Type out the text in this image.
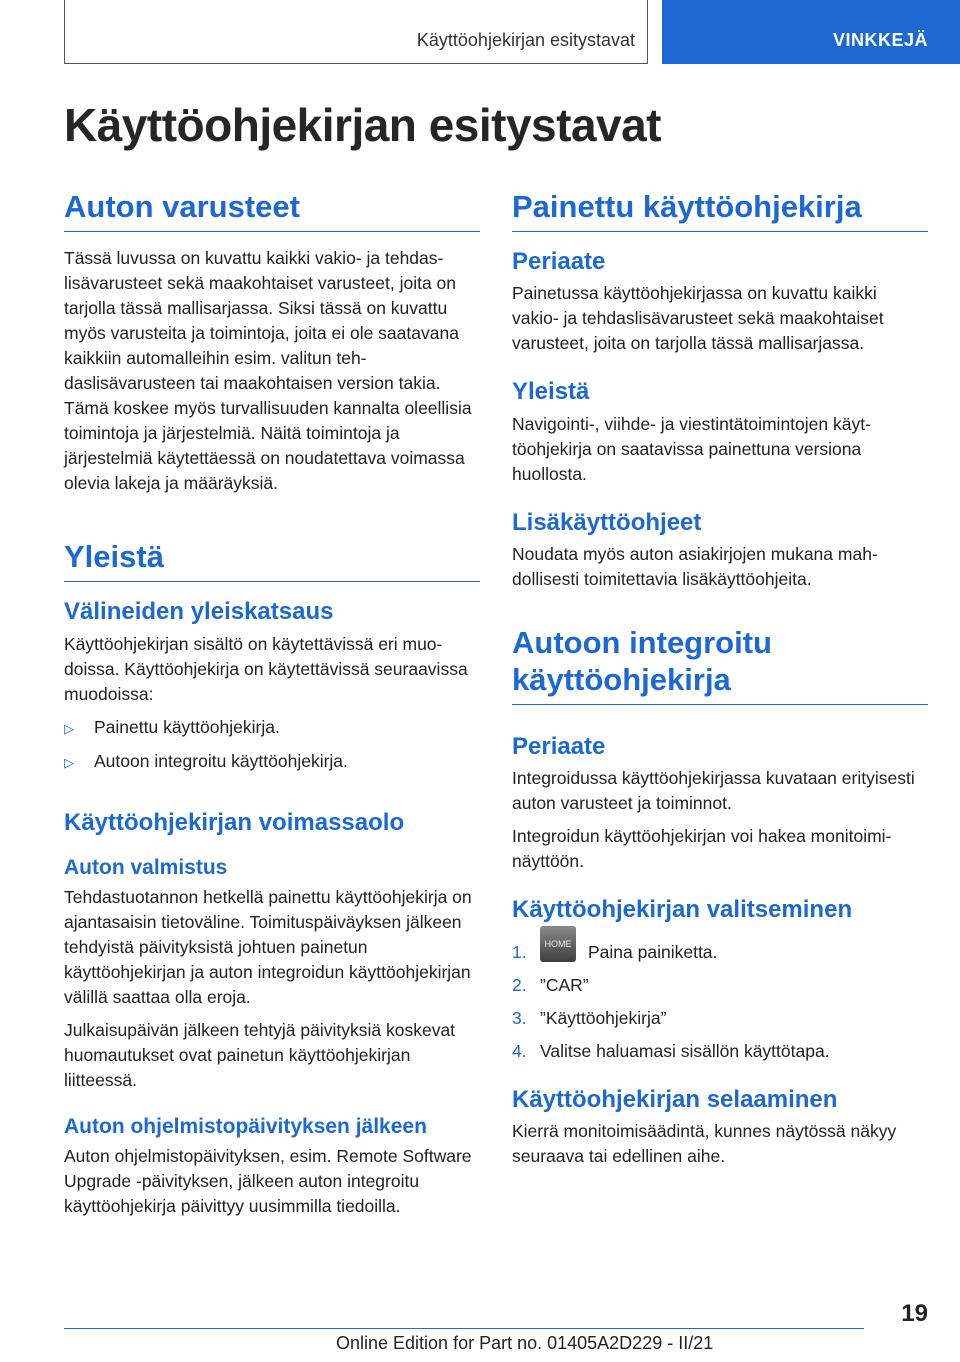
Käyttöohjekirjan esitystavat	VINKKEJÄ
Käyttöohjekirjan esitystavat
Auton varusteet

Tässä luvussa on kuvattu kaikki vakio- ja tehdaslisävarusteet sekä maakohtaiset varusteet, joita on tarjolla tässä mallisarjassa. Siksi tässä on kuvattu myös varusteita ja toimintoja, joita ei ole saatavana kaikkiin automalleihin esim. valitun tehdaslisävarusteen tai maakohtaisen version takia. Tämä koskee myös turvallisuuden kannalta oleellisia toimintoja ja järjestelmiä. Näitä toimintoja ja järjestelmiä käytettäessä on noudatettava voimassa olevia lakeja ja määräyksiä.

Yleistä
Välineiden yleiskatsaus

Käyttöohjekirjan sisältö on käytettävissä eri muodoissa. Käyttöohjekirja on käytettävissä seuraavissa muodoissa:

▷	Painettu käyttöohjekirja.
▷	Autoon integroitu käyttöohjekirja.
Käyttöohjekirjan voimassaolo
Auton valmistus

Tehdastuotannon hetkellä painettu käyttöohjekirja on ajantasaisin tietoväline. Toimituspäiväyksen jälkeen tehdyistä päivityksistä johtuen painetun käyttöohjekirjan ja auton integroidun käyttöohjekirjan välillä saattaa olla eroja.

Julkaisupäivän jälkeen tehtyjä päivityksiä koskevat huomautukset ovat painetun käyttöohjekirjan liitteessä.

Auton ohjelmistopäivityksen jälkeen

Auton ohjelmistopäivityksen, esim. Remote Software Upgrade -päivityksen, jälkeen auton integroitu käyttöohjekirja päivittyy uusimmilla tiedoilla.

Painettu käyttöohjekirja
Periaate

Painetussa käyttöohjekirjassa on kuvattu kaikki vakio- ja tehdaslisävarusteet sekä maakohtaiset varusteet, joita on tarjolla tässä mallisarjassa.

Yleistä

Navigointi-, viihde- ja viestintätoimintojen käyttöohjekirja on saatavissa painettuna versiona huollosta.

Lisäkäyttöohjeet

Noudata myös auton asiakirjojen mukana mahdollisesti toimitettavia lisäkäyttöohjeita.

Autoon integroitu käyttöohjekirja
Periaate

Integroidussa käyttöohjekirjassa kuvataan erityisesti auton varusteet ja toiminnot.

Integroidun käyttöohjekirjan voi hakea monitoiminäyttöön.

Käyttöohjekirjan valitseminen
1.	HOME Paina painiketta.
2. ”CAR”
3. ”Käyttöohjekirja”
4. Valitse haluamasi sisällön käyttötapa.
Käyttöohjekirjan selaaminen

Kierrä monitoimisäädintä, kunnes näytössä näkyy seuraava tai edellinen aihe.

19
Online Edition for Part no. 01405A2D229 - II/21
